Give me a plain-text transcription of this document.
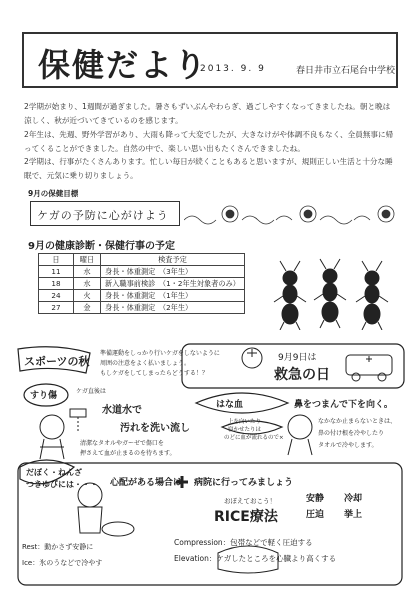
保健だより
2013. 9. 9	春日井市立石尾台中学校
2学期が始まり、1週間が過ぎました。暑さもずいぶんやわらぎ、過ごしやすくなってきましたね。朝と晩は涼しく、秋が近づいてきているのを感じます。
2年生は、先週、野外学習があり、大雨も降って大変でしたが、大きなけがや体調不良もなく、全員無事に帰ってくることができました。自然の中で、楽しい思い出もたくさんできましたね。
2学期は、行事がたくさんあります。忙しい毎日が続くこともあると思いますが、規則正しい生活と十分な睡眠で、元気に乗り切りましょう。
9月の保健目標
ケガの予防に心がけよう
9月の健康診断・保健行事の予定
日	曜日	検査予定
11	水	身長・体重測定　（3年生）
18	水	新入職事前検診　（1・2年生対象者のみ）
24	火	身長・体重測定　（1年生）
27	金	身長・体重測定　（2年生）
スポーツの秋
準備運動をしっかり行いケガをしないように
周囲の注意をよく払いましょう。
もしケガをしてしまったらどうする！？
9月9日は
救急の日
すり傷	ケガ直後は
水道水で
汚れを洗い流し
清潔なタオルやガーゼで傷口を
押さえて血が止まるのを待ちます。
はな血	鼻をつまんで下を向く。
上を向いたり
寝かせたりは
のどに血が流れるので×
なかなか止まらないときは、
鼻の付け根を冷やしたり
タオルで冷やします。
だぼく・ねんざ
つきゆびには・・・ 心配がある場合は 病院に行ってみましょう
おぼえておこう！
RICE療法
Rest：動かさず安静に
Ice：氷のうなどで冷やす
Compression：包帯などで軽く圧迫する
Elevation：ケガしたところを心臓より高くする
安静 冷却
圧迫 挙上
